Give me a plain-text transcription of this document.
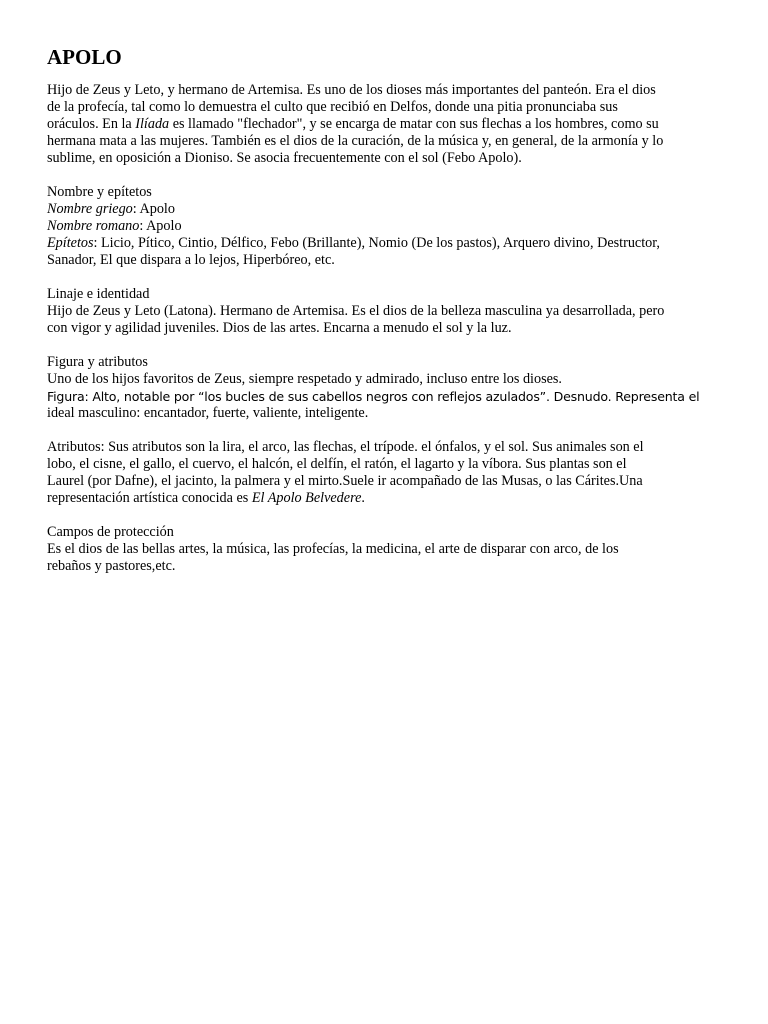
APOLO

Hijo de Zeus y Leto, y hermano de Artemisa. Es uno de los dioses más importantes del panteón. Era el dios
de la profecía, tal como lo demuestra el culto que recibió en Delfos, donde una pitia pronunciaba sus
oráculos. En la Ilíada es llamado "flechador", y se encarga de matar con sus flechas a los hombres, como su
hermana mata a las mujeres. También es el dios de la curación, de la música y, en general, de la armonía y lo
sublime, en oposición a Dioniso. Se asocia frecuentemente con el sol (Febo Apolo).

Nombre y epítetos
Nombre griego: Apolo
Nombre romano: Apolo
Epítetos: Licio, Pítico, Cintio, Délfico, Febo (Brillante), Nomio (De los pastos), Arquero divino, Destructor,
Sanador, El que dispara a lo lejos, Hiperbóreo, etc.

Linaje e identidad
Hijo de Zeus y Leto (Latona). Hermano de Artemisa. Es el dios de la belleza masculina ya desarrollada, pero
con vigor y agilidad juveniles. Dios de las artes. Encarna a menudo el sol y la luz.

Figura y atributos
Uno de los hijos favoritos de Zeus, siempre respetado y admirado, incluso entre los dioses.
Figura: Alto, notable por “los bucles de sus cabellos negros con reflejos azulados”. Desnudo. Representa el
ideal masculino: encantador, fuerte, valiente, inteligente.

Atributos: Sus atributos son la lira, el arco, las flechas, el trípode. el ónfalos, y el sol. Sus animales son el
lobo, el cisne, el gallo, el cuervo, el halcón, el delfín, el ratón, el lagarto y la víbora. Sus plantas son el
Laurel (por Dafne), el jacinto, la palmera y el mirto.Suele ir acompañado de las Musas, o las Cárites.Una
representación artística conocida es El Apolo Belvedere.

Campos de protección
Es el dios de las bellas artes, la música, las profecías, la medicina, el arte de disparar con arco, de los
rebaños y pastores,etc.
